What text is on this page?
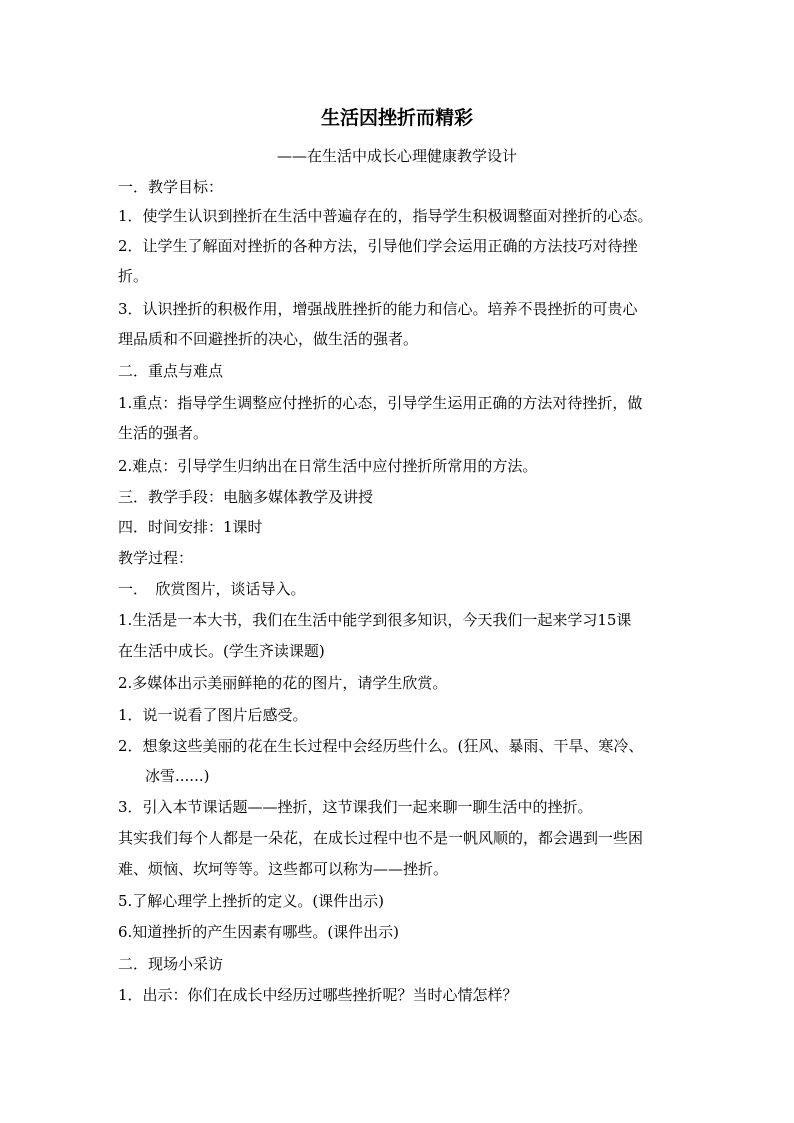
生活因挫折而精彩
——在生活中成长心理健康教学设计
一．教学目标：
1．使学生认识到挫折在生活中普遍存在的，指导学生积极调整面对挫折的心态。
2．让学生了解面对挫折的各种方法，引导他们学会运用正确的方法技巧对待挫
折。
3．认识挫折的积极作用，增强战胜挫折的能力和信心。培养不畏挫折的可贵心
理品质和不回避挫折的决心，做生活的强者。
二．重点与难点
1.重点：指导学生调整应付挫折的心态，引导学生运用正确的方法对待挫折，做
生活的强者。
2.难点：引导学生归纳出在日常生活中应付挫折所常用的方法。
三．教学手段：电脑多媒体教学及讲授
四．时间安排：1课时
教学过程：
一．　欣赏图片，谈话导入。
1.生活是一本大书，我们在生活中能学到很多知识，今天我们一起来学习15课
在生活中成长。(学生齐读课题)
2.多媒体出示美丽鲜艳的花的图片，请学生欣赏。
1．说一说看了图片后感受。
2．想象这些美丽的花在生长过程中会经历些什么。(狂风、暴雨、干旱、寒冷、
冰雪......)
3．引入本节课话题——挫折，这节课我们一起来聊一聊生活中的挫折。
其实我们每个人都是一朵花，在成长过程中也不是一帆风顺的，都会遇到一些困
难、烦恼、坎坷等等。这些都可以称为——挫折。
5.了解心理学上挫折的定义。(课件出示)
6.知道挫折的产生因素有哪些。(课件出示)
二．现场小采访
1．出示：你们在成长中经历过哪些挫折呢？当时心情怎样？
